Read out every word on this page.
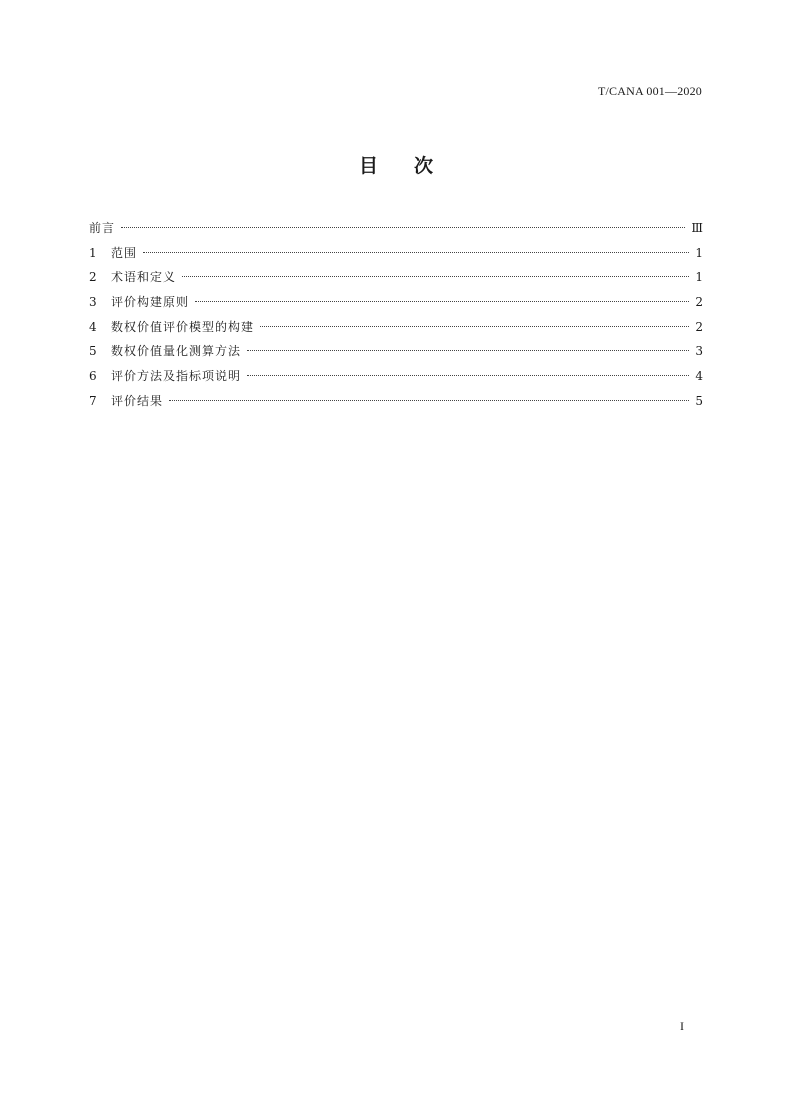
T/CANA 001—2020
目次
前言	Ⅲ
1	范围	1
2	术语和定义	1
3	评价构建原则	2
4	数权价值评价模型的构建	2
5	数权价值量化测算方法	3
6	评价方法及指标项说明	4
7	评价结果	5
I
